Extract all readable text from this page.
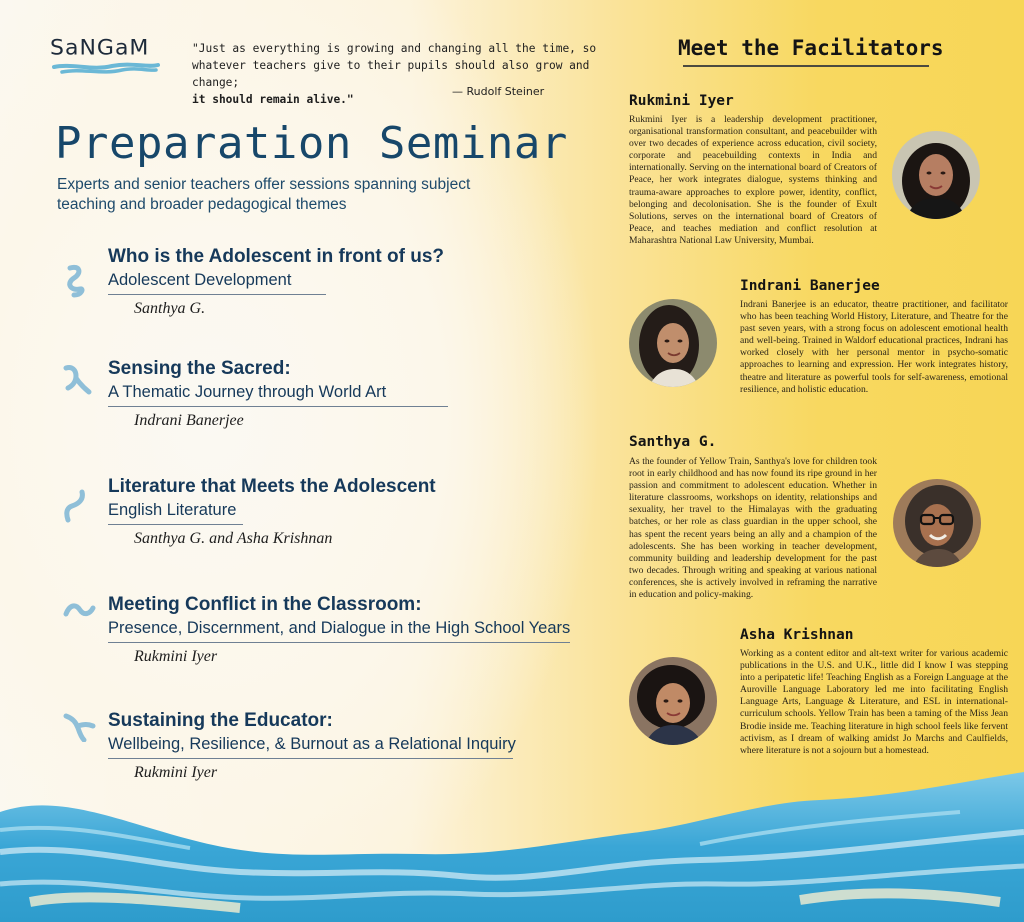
SaNGaM	"Just as everything is growing and changing all the time, so
whatever teachers give to their pupils should also grow and change;
it should remain alive."
— Rudolf Steiner
Preparation Seminar
Experts and senior teachers offer sessions spanning subject
teaching and broader pedagogical themes
Who is the Adolescent in front of us?
Adolescent Development
Santhya G.
Sensing the Sacred:
A Thematic Journey through World Art
Indrani Banerjee
Literature that Meets the Adolescent
English Literature
Santhya G. and Asha Krishnan
Meeting Conflict in the Classroom:
Presence, Discernment, and Dialogue in the High School Years
Rukmini Iyer
Sustaining the Educator:
Wellbeing, Resilience, & Burnout as a Relational Inquiry
Rukmini Iyer
Meet the Facilitators
Rukmini Iyer
Rukmini Iyer is a leadership development practitioner, organisational transformation consultant, and peacebuilder with over two decades of experience across education, civil society, corporate and peacebuilding contexts in India and internationally. Serving on the international board of Creators of Peace, her work integrates dialogue, systems thinking and trauma-aware approaches to explore power, identity, conflict, belonging and decolonisation. She is the founder of Exult Solutions, serves on the international board of Creators of Peace, and teaches mediation and conflict resolution at Maharashtra National Law University, Mumbai.
Indrani Banerjee
Indrani Banerjee is an educator, theatre practitioner, and facilitator who has been teaching World History, Literature, and Theatre for the past seven years, with a strong focus on adolescent emotional health and well-being. Trained in Waldorf educational practices, Indrani has worked closely with her personal mentor in psycho-somatic approaches to learning and expression. Her work integrates history, theatre and literature as powerful tools for self-awareness, emotional resilience, and holistic education.
Santhya G.
As the founder of Yellow Train, Santhya's love for children took root in early childhood and has now found its ripe ground in her passion and commitment to adolescent education. Whether in literature classrooms, workshops on identity, relationships and sexuality, her travel to the Himalayas with the graduating batches, or her role as class guardian in the upper school, she has spent the recent years being an ally and a champion of the adolescents. She has been working in teacher development, community building and leadership development for the past two decades. Through writing and speaking at various national conferences, she is actively involved in reframing the narrative in education and policy-making.
Asha Krishnan
Working as a content editor and alt-text writer for various academic publications in the U.S. and U.K., little did I know I was stepping into a peripatetic life! Teaching English as a Foreign Language at the Auroville Language Laboratory led me into facilitating English Language Arts, Language & Literature, and ESL in international-curriculum schools. Yellow Train has been a taming of the Miss Jean Brodie inside me. Teaching literature in high school feels like fervent activism, as I dream of walking amidst Jo Marchs and Caulfields, where literature is not a sojourn but a homestead.
